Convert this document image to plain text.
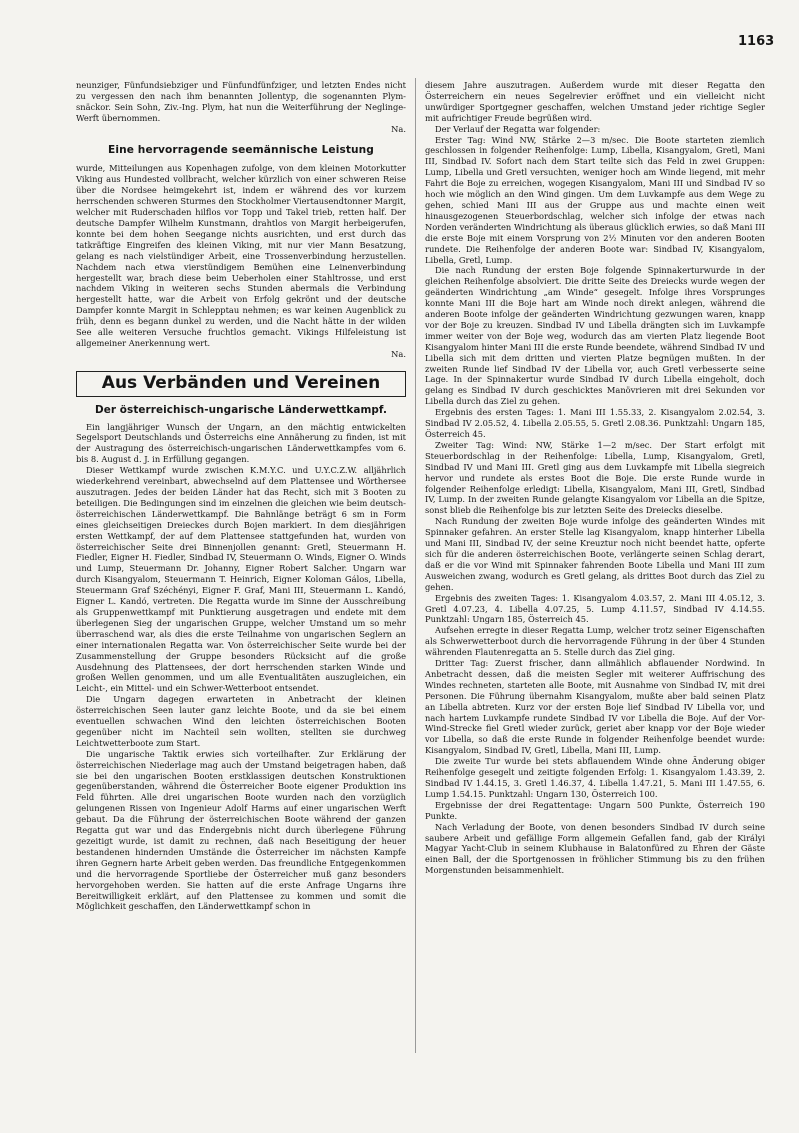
1163

neunziger, Fünfundsiebziger und Fünfundfünfziger, und letzten Endes nicht zu vergessen den nach ihm benannten Jollentyp, die sogenannten Plym-snäckor. Sein Sohn, Ziv.-Ing. Plym, hat nun die Weiterführung der Neglinge-Werft übernommen.

Na.

Eine hervorragende seemännische Leistung

wurde, Mitteilungen aus Kopenhagen zufolge, von dem kleinen Motorkutter Viking aus Hundested vollbracht, welcher kürzlich von einer schweren Reise über die Nordsee heimgekehrt ist, indem er während des vor kurzem herrschenden schweren Sturmes den Stockholmer Viertausendtonner Margit, welcher mit Ruderschaden hilflos vor Topp und Takel trieb, retten half. Der deutsche Dampfer Wilhelm Kunstmann, drahtlos von Margit herbeigerufen, konnte bei dem hohen Seegange nichts ausrichten, und erst durch das tatkräftige Eingreifen des kleinen Viking, mit nur vier Mann Besatzung, gelang es nach vielstündiger Arbeit, eine Trossenverbindung herzustellen. Nachdem nach etwa vierstündigem Bemühen eine Leinenverbindung hergestellt war, brach diese beim Ueberholen einer Stahltrosse, und erst nachdem Viking in weiteren sechs Stunden abermals die Verbindung hergestellt hatte, war die Arbeit von Erfolg gekrönt und der deutsche Dampfer konnte Margit in Schlepptau nehmen; es war keinen Augenblick zu früh, denn es begann dunkel zu werden, und die Nacht hätte in der wilden See alle weiteren Versuche fruchtlos gemacht. Vikings Hilfeleistung ist allgemeiner Anerkennung wert.

Na.

Aus Verbänden und Vereinen
Der österreichisch-ungarische Länderwettkampf.

Ein langjähriger Wunsch der Ungarn, an den mächtig entwickelten Segelsport Deutschlands und Österreichs eine Annäherung zu finden, ist mit der Austragung des österreichisch-ungarischen Länderwettkampfes vom 6. bis 8. August d. J. in Erfüllung gegangen.

Dieser Wettkampf wurde zwischen K.M.Y.C. und U.Y.C.Z.W. alljährlich wiederkehrend vereinbart, abwechselnd auf dem Plattensee und Wörthersee auszutragen. Jedes der beiden Länder hat das Recht, sich mit 3 Booten zu beteiligen. Die Bedingungen sind im einzelnen die gleichen wie beim deutsch-österreichischen Länderwettkampf. Die Bahnlänge beträgt 6 sm in Form eines gleichseitigen Dreieckes durch Bojen markiert. In dem diesjährigen ersten Wettkampf, der auf dem Plattensee stattgefunden hat, wurden von österreichischer Seite drei Binnenjollen genannt: Gretl, Steuermann H. Fiedler, Eigner H. Fiedler, Sindbad IV, Steuermann O. Winds, Eigner O. Winds und Lump, Steuermann Dr. Johanny, Eigner Robert Salcher. Ungarn war durch Kisangyalom, Steuermann T. Heinrich, Eigner Koloman Gálos, Libella, Steuermann Graf Széchényi, Eigner F. Graf, Mani III, Steuermann L. Kandó, Eigner L. Kandó, vertreten. Die Regatta wurde im Sinne der Ausschreibung als Gruppenwettkampf mit Punktierung ausgetragen und endete mit dem überlegenen Sieg der ungarischen Gruppe, welcher Umstand um so mehr überraschend war, als dies die erste Teilnahme von ungarischen Seglern an einer internationalen Regatta war. Von österreichischer Seite wurde bei der Zusammenstellung der Gruppe besonders Rücksicht auf die große Ausdehnung des Plattensees, der dort herrschenden starken Winde und großen Wellen genommen, und um alle Eventualitäten auszugleichen, ein Leicht-, ein Mittel- und ein Schwer-Wetterboot entsendet.

Die Ungarn dagegen erwarteten in Anbetracht der kleinen österreichischen Seen lauter ganz leichte Boote, und da sie bei einem eventuellen schwachen Wind den leichten österreichischen Booten gegenüber nicht im Nachteil sein wollten, stellten sie durchweg Leichtwetterboote zum Start.

Die ungarische Taktik erwies sich vorteilhafter. Zur Erklärung der österreichischen Niederlage mag auch der Umstand beigetragen haben, daß sie bei den ungarischen Booten erstklassigen deutschen Konstruktionen gegenüberstanden, während die Österreicher Boote eigener Produktion ins Feld führten. Alle drei ungarischen Boote wurden nach den vorzüglich gelungenen Rissen von Ingenieur Adolf Harms auf einer ungarischen Werft gebaut. Da die Führung der österreichischen Boote während der ganzen Regatta gut war und das Endergebnis nicht durch überlegene Führung gezeitigt wurde, ist damit zu rechnen, daß nach Beseitigung der heuer bestandenen hindernden Umstände die Österreicher im nächsten Kampfe ihren Gegnern harte Arbeit geben werden. Das freundliche Entgegenkommen und die hervorragende Sportliebe der Österreicher muß ganz besonders hervorgehoben werden. Sie hatten auf die erste Anfrage Ungarns ihre Bereitwilligkeit erklärt, auf den Plattensee zu kommen und somit die Möglichkeit geschaffen, den Länderwettkampf schon in

diesem Jahre auszutragen. Außerdem wurde mit dieser Regatta den Österreichern ein neues Segelrevier eröffnet und ein vielleicht nicht unwürdiger Sportgegner geschaffen, welchen Umstand jeder richtige Segler mit aufrichtiger Freude begrüßen wird.

Der Verlauf der Regatta war folgender:

Erster Tag: Wind NW, Stärke 2—3 m/sec. Die Boote starteten ziemlich geschlossen in folgender Reihenfolge: Lump, Libella, Kisangyalom, Gretl, Mani III, Sindbad IV. Sofort nach dem Start teilte sich das Feld in zwei Gruppen: Lump, Libella und Gretl versuchten, weniger hoch am Winde liegend, mit mehr Fahrt die Boje zu erreichen, wogegen Kisangyalom, Mani III und Sindbad IV so hoch wie möglich an den Wind gingen. Um dem Luvkampfe aus dem Wege zu gehen, schied Mani III aus der Gruppe aus und machte einen weit hinausgezogenen Steuerbordschlag, welcher sich infolge der etwas nach Norden veränderten Windrichtung als überaus glücklich erwies, so daß Mani III die erste Boje mit einem Vorsprung von 2½ Minuten vor den anderen Booten rundete. Die Reihenfolge der anderen Boote war: Sindbad IV, Kisangyalom, Libella, Gretl, Lump.

Die nach Rundung der ersten Boje folgende Spinnakerturwurde in der gleichen Reihenfolge absolviert. Die dritte Seite des Dreiecks wurde wegen der geänderten Windrichtung „am Winde“ gesegelt. Infolge ihres Vorsprunges konnte Mani III die Boje hart am Winde noch direkt anlegen, während die anderen Boote infolge der geänderten Windrichtung gezwungen waren, knapp vor der Boje zu kreuzen. Sindbad IV und Libella drängten sich im Luvkampfe immer weiter von der Boje weg, wodurch das am vierten Platz liegende Boot Kisangyalom hinter Mani III die erste Runde beendete, während Sindbad IV und Libella sich mit dem dritten und vierten Platze begnügen mußten. In der zweiten Runde lief Sindbad IV der Libella vor, auch Gretl verbesserte seine Lage. In der Spinnakertur wurde Sindbad IV durch Libella eingeholt, doch gelang es Sindbad IV durch geschicktes Manövrieren mit drei Sekunden vor Libella durch das Ziel zu gehen.

Ergebnis des ersten Tages: 1. Mani III 1.55.33, 2. Kisangyalom 2.02.54, 3. Sindbad IV 2.05.52, 4. Libella 2.05.55, 5. Gretl 2.08.36. Punktzahl: Ungarn 185, Österreich 45.

Zweiter Tag: Wind: NW, Stärke 1—2 m/sec. Der Start erfolgt mit Steuerbordschlag in der Reihenfolge: Libella, Lump, Kisangyalom, Gretl, Sindbad IV und Mani III. Gretl ging aus dem Luvkampfe mit Libella siegreich hervor und rundete als erstes Boot die Boje. Die erste Runde wurde in folgender Reihenfolge erledigt: Libella, Kisangyalom, Mani III, Gretl, Sindbad IV, Lump. In der zweiten Runde gelangte Kisangyalom vor Libella an die Spitze, sonst blieb die Reihenfolge bis zur letzten Seite des Dreiecks dieselbe.

Nach Rundung der zweiten Boje wurde infolge des geänderten Windes mit Spinnaker gefahren. An erster Stelle lag Kisangyalom, knapp hinterher Libella und Mani III, Sindbad IV, der seine Kreuztur noch nicht beendet hatte, opferte sich für die anderen österreichischen Boote, verlängerte seinen Schlag derart, daß er die vor Wind mit Spinnaker fahrenden Boote Libella und Mani III zum Ausweichen zwang, wodurch es Gretl gelang, als drittes Boot durch das Ziel zu gehen.

Ergebnis des zweiten Tages: 1. Kisangyalom 4.03.57, 2. Mani III 4.05.12, 3. Gretl 4.07.23, 4. Libella 4.07.25, 5. Lump 4.11.57, Sindbad IV 4.14.55. Punktzahl: Ungarn 185, Österreich 45.

Aufsehen erregte in dieser Regatta Lump, welcher trotz seiner Eigenschaften als Schwerwetterboot durch die hervorragende Führung in der über 4 Stunden währenden Flautenregatta an 5. Stelle durch das Ziel ging.

Dritter Tag: Zuerst frischer, dann allmählich abflauender Nordwind. In Anbetracht dessen, daß die meisten Segler mit weiterer Auffrischung des Windes rechneten, starteten alle Boote, mit Ausnahme von Sindbad IV, mit drei Personen. Die Führung übernahm Kisangyalom, mußte aber bald seinen Platz an Libella abtreten. Kurz vor der ersten Boje lief Sindbad IV Libella vor, und nach hartem Luvkampfe rundete Sindbad IV vor Libella die Boje. Auf der Vor-Wind-Strecke fiel Gretl wieder zurück, geriet aber knapp vor der Boje wieder vor Libella, so daß die erste Runde in folgender Reihenfolge beendet wurde: Kisangyalom, Sindbad IV, Gretl, Libella, Mani III, Lump.

Die zweite Tur wurde bei stets abflauendem Winde ohne Änderung obiger Reihenfolge gesegelt und zeitigte folgenden Erfolg: 1. Kisangyalom 1.43.39, 2. Sindbad IV 1.44.15, 3. Gretl 1.46.37, 4. Libella 1.47.21, 5. Mani III 1.47.55, 6. Lump 1.54.15. Punktzahl: Ungarn 130, Österreich 100.

Ergebnisse der drei Regattentage: Ungarn 500 Punkte, Österreich 190 Punkte.

Nach Verladung der Boote, von denen besonders Sindbad IV durch seine saubere Arbeit und gefällige Form allgemein Gefallen fand, gab der Királyi Magyar Yacht-Club in seinem Klubhause in Balatonfüred zu Ehren der Gäste einen Ball, der die Sportgenossen in fröhlicher Stimmung bis zu den frühen Morgenstunden beisammenhielt.
